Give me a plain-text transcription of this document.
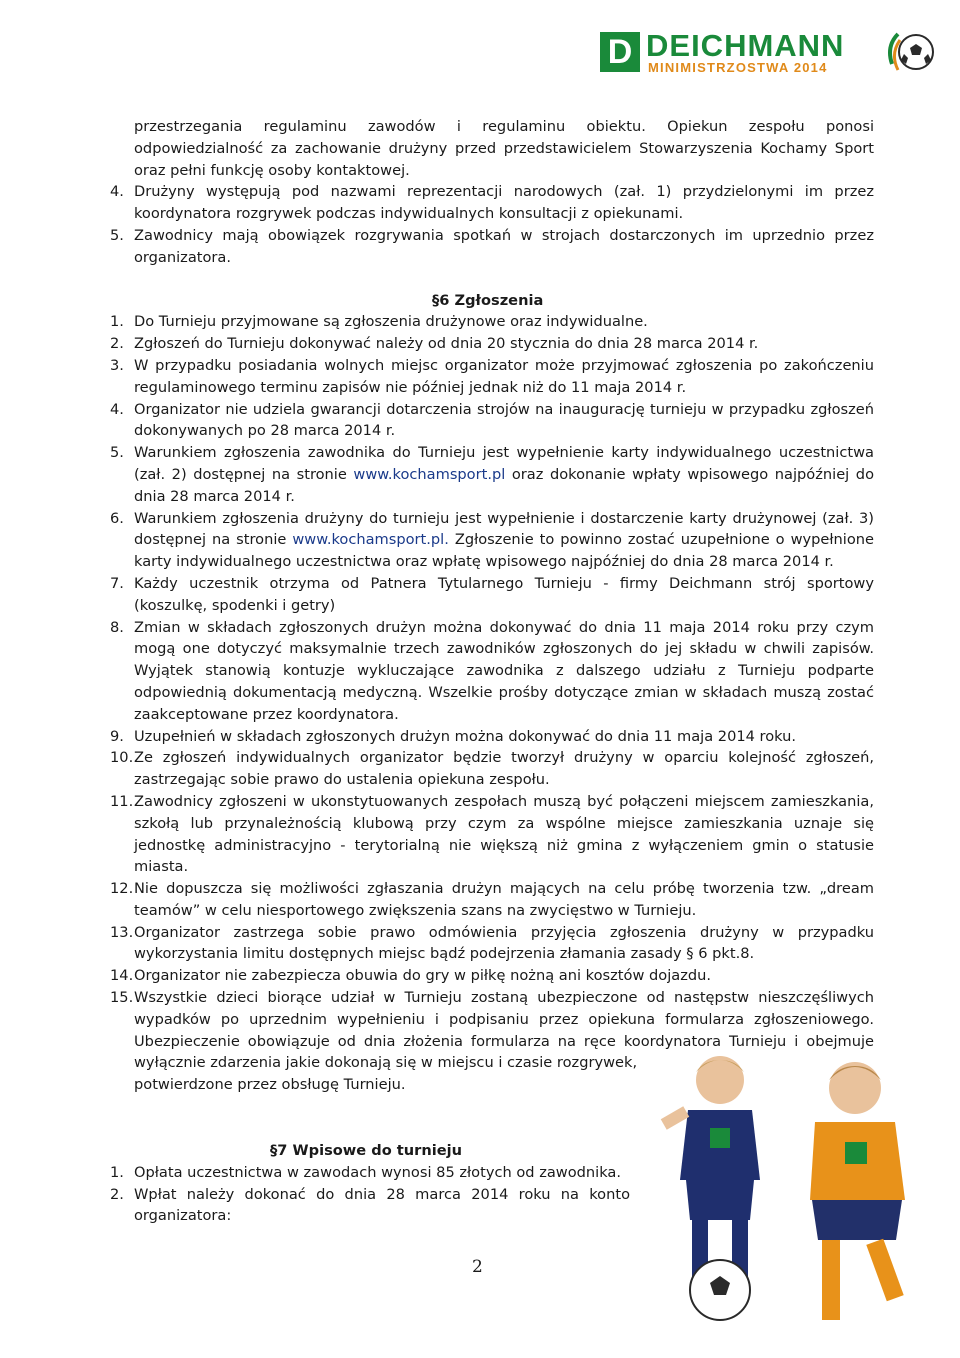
D DEICHMANN
MINIMISTRZOSTWA 2014
przestrzegania regulaminu zawodów i regulaminu obiektu. Opiekun zespołu ponosi odpowiedzialność za zachowanie drużyny przed przedstawicielem Stowarzyszenia Kochamy Sport oraz pełni funkcję osoby kontaktowej.
4. Drużyny występują pod nazwami reprezentacji narodowych (zał. 1) przydzielonymi im przez koordynatora rozgrywek podczas indywidualnych konsultacji z opiekunami.
5. Zawodnicy mają obowiązek rozgrywania spotkań w strojach dostarczonych im uprzednio przez organizatora.
§6 Zgłoszenia
1. Do Turnieju przyjmowane są zgłoszenia drużynowe oraz indywidualne.
2. Zgłoszeń do Turnieju dokonywać należy od dnia 20 stycznia do dnia 28 marca 2014 r.
3. W przypadku posiadania wolnych miejsc organizator może przyjmować zgłoszenia po zakończeniu regulaminowego terminu zapisów nie później jednak niż do 11 maja 2014 r.
4. Organizator nie udziela gwarancji dotarczenia strojów na inaugurację turnieju w przypadku zgłoszeń dokonywanych po 28 marca 2014 r.
5. Warunkiem zgłoszenia zawodnika do Turnieju jest wypełnienie karty indywidualnego uczestnictwa (zał. 2) dostępnej na stronie www.kochamsport.pl oraz dokonanie wpłaty wpisowego najpóźniej do dnia 28 marca 2014 r.
6. Warunkiem zgłoszenia drużyny do turnieju jest wypełnienie i dostarczenie karty drużynowej (zał. 3) dostępnej na stronie www.kochamsport.pl. Zgłoszenie to powinno zostać uzupełnione o wypełnione karty indywidualnego uczestnictwa oraz wpłatę wpisowego najpóźniej do dnia 28 marca 2014 r.
7. Każdy uczestnik otrzyma od Patnera Tytularnego Turnieju - firmy Deichmann strój sportowy (koszulkę, spodenki i getry)
8. Zmian w składach zgłoszonych drużyn można dokonywać do dnia 11 maja 2014 roku przy czym mogą one dotyczyć maksymalnie trzech zawodników zgłoszonych do jej składu w chwili zapisów. Wyjątek stanowią kontuzje wykluczające zawodnika z dalszego udziału z Turnieju podparte odpowiednią dokumentacją medyczną. Wszelkie prośby dotyczące zmian w składach muszą zostać zaakceptowane przez koordynatora.
9. Uzupełnień w składach zgłoszonych drużyn można dokonywać do dnia 11 maja 2014 roku.
10. Ze zgłoszeń indywidualnych organizator będzie tworzył drużyny w oparciu kolejność zgłoszeń, zastrzegając sobie prawo do ustalenia opiekuna zespołu.
11. Zawodnicy zgłoszeni w ukonstytuowanych zespołach muszą być połączeni miejscem zamieszkania, szkołą lub przynależnością klubową przy czym za wspólne miejsce zamieszkania uznaje się jednostkę administracyjno - terytorialną nie większą niż gmina z wyłączeniem gmin o statusie miasta.
12. Nie dopuszcza się możliwości zgłaszania drużyn mających na celu próbę tworzenia tzw. „dream teamów” w celu niesportowego zwiększenia szans na zwycięstwo w Turnieju.
13. Organizator zastrzega sobie prawo odmówienia przyjęcia zgłoszenia drużyny w przypadku wykorzystania limitu dostępnych miejsc bądź podejrzenia złamania zasady § 6 pkt.8.
14. Organizator nie zabezpiecza obuwia do gry w piłkę nożną ani kosztów dojazdu.
15. Wszystkie dzieci biorące udział w Turnieju zostaną ubezpieczone od następstw nieszczęśliwych wypadków po uprzednim wypełnieniu i podpisaniu przez opiekuna formularza zgłoszeniowego. Ubezpieczenie obowiązuje od dnia złożenia formularza na ręce koordynatora Turnieju i obejmuje wyłącznie zdarzenia jakie dokonają się w miejscu i czasie rozgrywek,
potwierdzone przez obsługę Turnieju.
§7 Wpisowe do turnieju
1. Opłata uczestnictwa w zawodach wynosi 85 złotych od zawodnika.
2. Wpłat należy dokonać do dnia 28 marca 2014 roku na konto organizatora:
2
